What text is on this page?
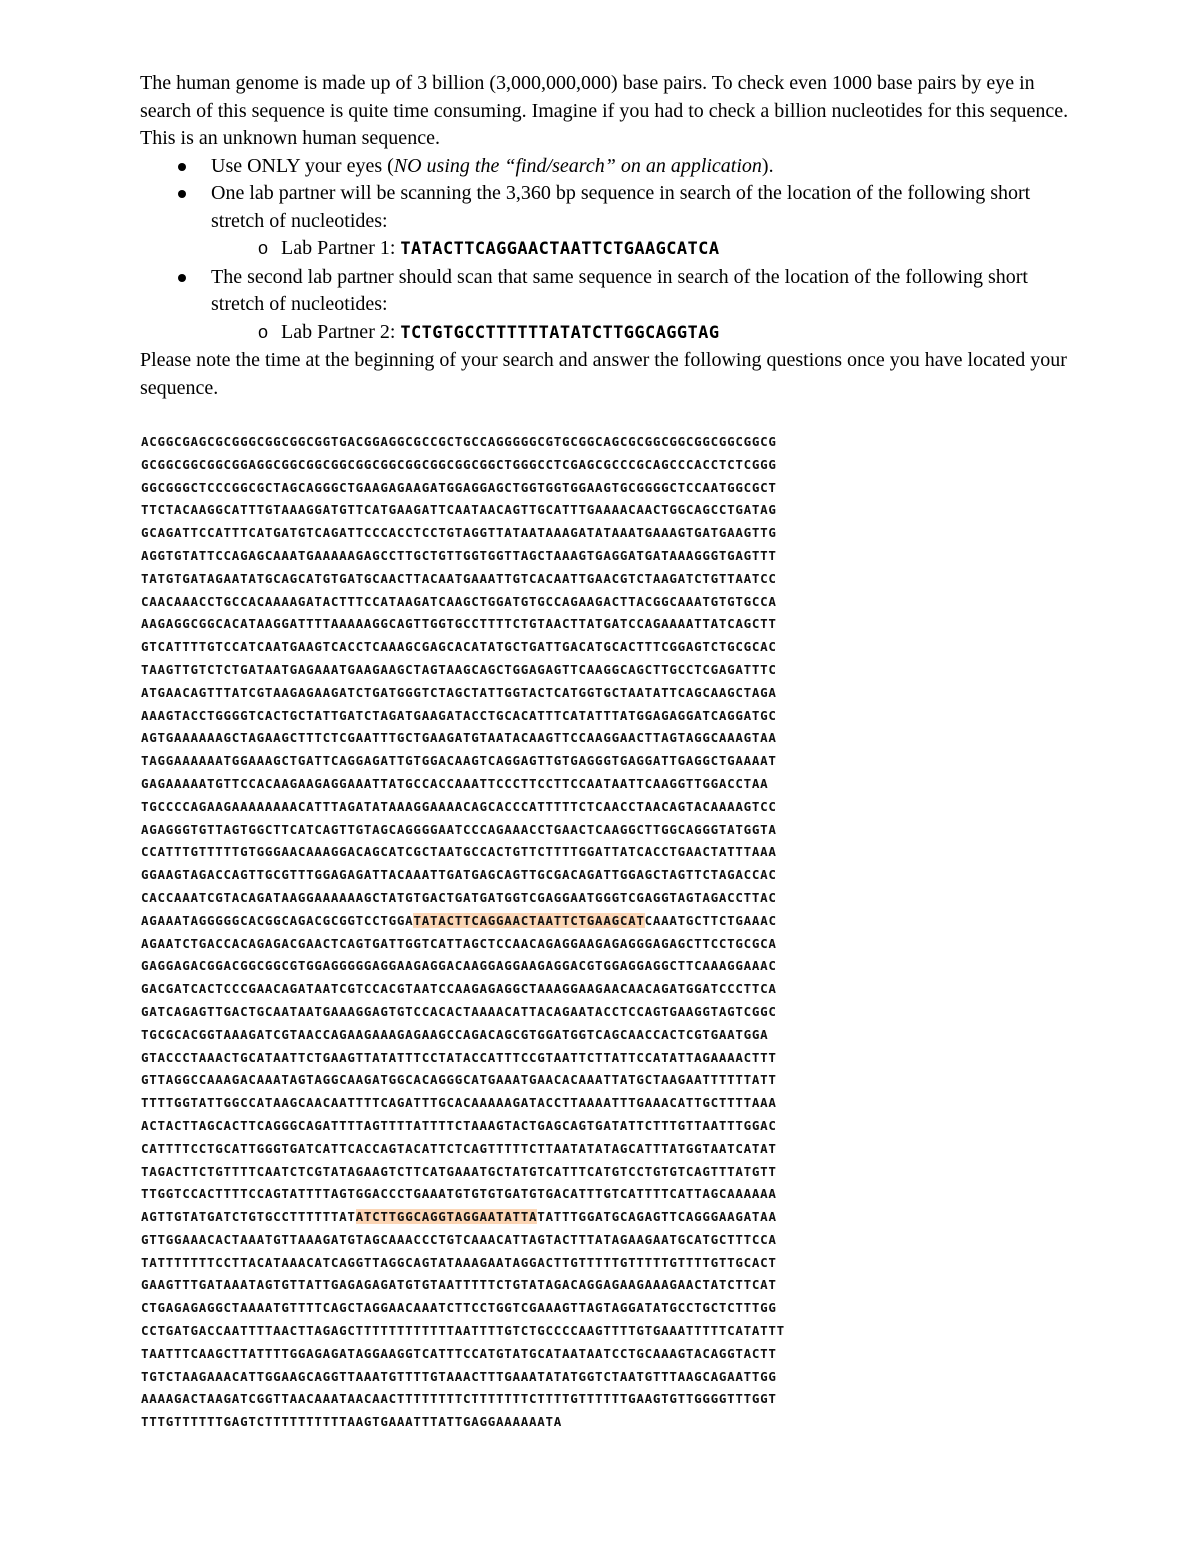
The human genome is made up of 3 billion (3,000,000,000) base pairs. To check even 1000 base pairs by eye in search of this sequence is quite time consuming. Imagine if you had to check a billion nucleotides for this sequence. This is an unknown human sequence.

Use ONLY your eyes (NO using the “find/search” on an application).
One lab partner will be scanning the 3,360 bp sequence in search of the location of the following short stretch of nucleotides:
o Lab Partner 1: TATACTTCAGGAACTAATTCTGAAGCATCA
The second lab partner should scan that same sequence in search of the location of the following short stretch of nucleotides:
o Lab Partner 2: TCTGTGCCTTTTTTATATCTTGGCAGGTAG

Please note the time at the beginning of your search and answer the following questions once you have located your sequence.

ACGGCGAGCGCGGGCGGCGGCGGTGACGGAGGCGCCGCTGCCAGGGGGCGTGCGGCAGCGCGGCGGCGGCGGCGGCG
GCGGCGGCGGCGGAGGCGGCGGCGGCGGCGGCGGCGGCGGCGGCTGGGCCTCGAGCGCCCGCAGCCCACCTCTCGGG
GGCGGGCTCCCGGCGCTAGCAGGGCTGAAGAGAAGATGGAGGAGCTGGTGGTGGAAGTGCGGGGCTCCAATGGCGCT
TTCTACAAGGCATTTGTAAAGGATGTTCATGAAGATTCAATAACAGTTGCATTTGAAAACAACTGGCAGCCTGATAG
GCAGATTCCATTTCATGATGTCAGATTCCCACCTCCTGTAGGTTATAATAAAGATATAAATGAAAGTGATGAAGTTG
AGGTGTATTCCAGAGCAAATGAAAAAGAGCCTTGCTGTTGGTGGTTAGCTAAAGTGAGGATGATAAAGGGTGAGTTT
TATGTGATAGAATATGCAGCATGTGATGCAACTTACAATGAAATTGTCACAATTGAACGTCTAAGATCTGTTAATCC
CAACAAACCTGCCACAAAAGATACTTTCCATAAGATCAAGCTGGATGTGCCAGAAGACTTACGGCAAATGTGTGCCA
AAGAGGCGGCACATAAGGATTTTAAAAAGGCAGTTGGTGCCTTTTCTGTAACTTATGATCCAGAAAATTATCAGCTT
GTCATTTTGTCCATCAATGAAGTCACCTCAAAGCGAGCACATATGCTGATTGACATGCACTTTCGGAGTCTGCGCAC
TAAGTTGTCTCTGATAATGAGAAATGAAGAAGCTAGTAAGCAGCTGGAGAGTTCAAGGCAGCTTGCCTCGAGATTTC
ATGAACAGTTTATCGTAAGAGAAGATCTGATGGGTCTAGCTATTGGTACTCATGGTGCTAATATTCAGCAAGCTAGA
AAAGTACCTGGGGTCACTGCTATTGATCTAGATGAAGATACCTGCACATTTCATATTTATGGAGAGGATCAGGATGC
AGTGAAAAAAGCTAGAAGCTTTCTCGAATTTGCTGAAGATGTAATACAAGTTCCAAGGAACTTAGTAGGCAAAGTAA
TAGGAAAAAATGGAAAGCTGATTCAGGAGATTGTGGACAAGTCAGGAGTTGTGAGGGTGAGGATTGAGGCTGAAAAT
GAGAAAAATGTTCCACAAGAAGAGGAAATTATGCCACCAAATTCCCTTCCTTCCAATAATTCAAGGTTGGACCTAA
TGCCCCAGAAGAAAAAAAACATTTAGATATAAAGGAAAACAGCACCCATTTTTCTCAACCTAACAGTACAAAAGTCC
AGAGGGTGTTAGTGGCTTCATCAGTTGTAGCAGGGGAATCCCAGAAACCTGAACTCAAGGCTTGGCAGGGTATGGTA
CCATTTGTTTTTGTGGGAACAAAGGACAGCATCGCTAATGCCACTGTTCTTTTGGATTATCACCTGAACTATTTAAA
GGAAGTAGACCAGTTGCGTTTGGAGAGATTACAAATTGATGAGCAGTTGCGACAGATTGGAGCTAGTTCTAGACCAC
CACCAAATCGTACAGATAAGGAAAAAAGCTATGTGACTGATGATGGTCGAGGAATGGGTCGAGGTAGTAGACCTTAC
AGAAATAGGGGGCACGGCAGACGCGGTCCTGGATATACTTCAGGAACTAATTCTGAAGCATCAAATGCTTCTGAAAC
AGAATCTGACCACAGAGACGAACTCAGTGATTGGTCATTAGCTCCAACAGAGGAAGAGAGGGAGAGCTTCCTGCGCA
GAGGAGACGGACGGCGGCGTGGAGGGGGAGGAAGAGGACAAGGAGGAAGAGGACGTGGAGGAGGCTTCAAAGGAAAC
GACGATCACTCCCGAACAGATAATCGTCCACGTAATCCAAGAGAGGCTAAAGGAAGAACAACAGATGGATCCCTTCA
GATCAGAGTTGACTGCAATAATGAAAGGAGTGTCCACACTAAAACATTACAGAATACCTCCAGTGAAGGTAGTCGGC
TGCGCACGGTAAAGATCGTAACCAGAAGAAAGAGAAGCCAGACAGCGTGGATGGTCAGCAACCACTCGTGAATGGA
GTACCCTAAACTGCATAATTCTGAAGTTATATTTCCTATACCATTTCCGTAATTCTTATTCCATATTAGAAAACTTT
GTTAGGCCAAAGACAAATAGTAGGCAAGATGGCACAGGGCATGAAATGAACACAAATTATGCTAAGAATTTTTTATT
TTTTGGTATTGGCCATAAGCAACAATTTTCAGATTTGCACAAAAAGATACCTTAAAATTTGAAACATTGCTTTTAAA
ACTACTTAGCACTTCAGGGCAGATTTTAGTTTTATTTTCTAAAGTACTGAGCAGTGATATTCTTTGTTAATTTGGAC
CATTTTCCTGCATTGGGTGATCATTCACCAGTACATTCTCAGTTTTTCTTAATATATAGCATTTATGGTAATCATAT
TAGACTTCTGTTTTCAATCTCGTATAGAAGTCTTCATGAAATGCTATGTCATTTCATGTCCTGTGTCAGTTTATGTT
TTGGTCCACTTTTCCAGTATTTTAGTGGACCCTGAAATGTGTGTGATGTGACATTTGTCATTTTCATTAGCAAAAAA
AGTTGTATGATCTGTGCCTTTTTTATATCTTGGCAGGTAGGAATATTATATTTGGATGCAGAGTTCAGGGAAGATAA
GTTGGAAACACTAAATGTTAAAGATGTAGCAAACCCTGTCAAACATTAGTACTTTATAGAAGAATGCATGCTTTCCA
TATTTTTTTCCTTACATAAACATCAGGTTAGGCAGTATAAAGAATAGGACTTGTTTTTGTTTTTGTTTTGTTGCACT
GAAGTTTGATAAATAGTGTTATTGAGAGAGATGTGTAATTTTTCTGTATAGACAGGAGAAGAAAGAACTATCTTCAT
CTGAGAGAGGCTAAAATGTTTTCAGCTAGGAACAAATCTTCCTGGTCGAAAGTTAGTAGGATATGCCTGCTCTTTGG
CCTGATGACCAATTTTAACTTAGAGCTTTTTTTTTTTTAATTTTGTCTGCCCCAAGTTTTGTGAAATTTTTCATATTT
TAATTTCAAGCTTATTTTGGAGAGATAGGAAGGTCATTTCCATGTATGCATAATAATCCTGCAAAGTACAGGTACTT
TGTCTAAGAAACATTGGAAGCAGGTTAAATGTTTTGTAAACTTTGAAATATATGGTCTAATGTTTAAGCAGAATTGG
AAAAGACTAAGATCGGTTAACAAATAACAACTTTTTTTTCTTTTTTTCTTTTGTTTTTTGAAGTGTTGGGGTTTGGT
TTTGTTTTTTGAGTCTTTTTTTTTTAAGTGAAATTTATTGAGGAAAAAATA
